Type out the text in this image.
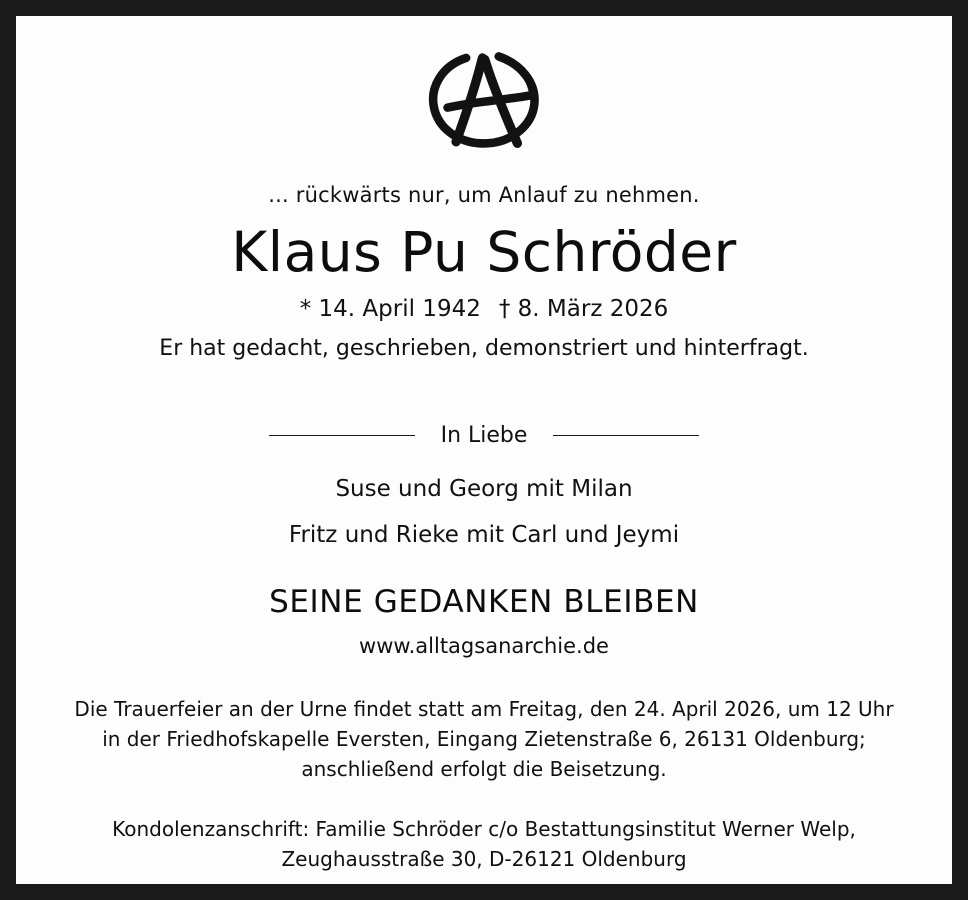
... rückwärts nur, um Anlauf zu nehmen.
Klaus Pu Schröder
* 14. April 1942 † 8. März 2026
Er hat gedacht, geschrieben, demonstriert und hinterfragt.
In Liebe
Suse und Georg mit Milan
Fritz und Rieke mit Carl und Jeymi
SEINE GEDANKEN BLEIBEN
www.alltagsanarchie.de
Die Trauerfeier an der Urne findet statt am Freitag, den 24. April 2026, um 12 Uhr
in der Friedhofskapelle Eversten, Eingang Zietenstraße 6, 26131 Oldenburg;
anschließend erfolgt die Beisetzung.
Kondolenzanschrift: Familie Schröder c/o Bestattungsinstitut Werner Welp,
Zeughausstraße 30, D-26121 Oldenburg
